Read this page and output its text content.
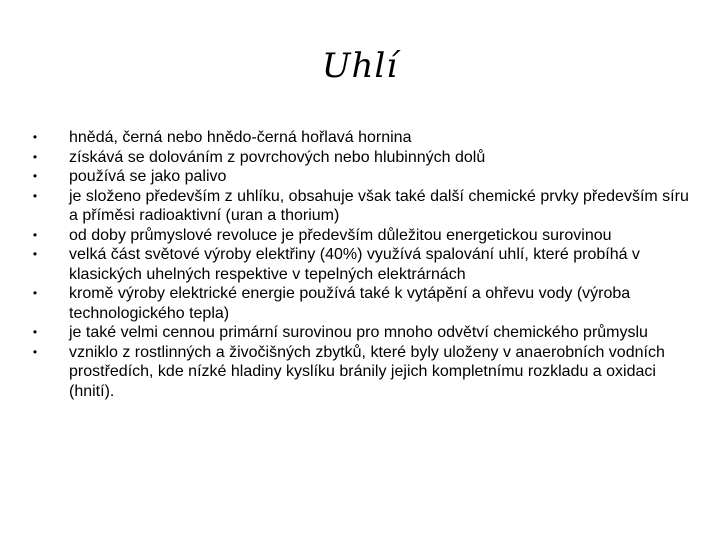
Uhlí
• hnědá, černá nebo hnědo-černá hořlavá hornina
• získává se dolováním z povrchových nebo hlubinných dolů
• používá se jako palivo
• je složeno především z uhlíku, obsahuje však také další chemické prvky především síru a příměsi radioaktivní (uran a thorium)
• od doby průmyslové revoluce je především důležitou energetickou surovinou
• velká část světové výroby elektřiny (40%) využívá spalování uhlí, které probíhá v klasických uhelných respektive v tepelných elektrárnách
• kromě výroby elektrické energie používá také k vytápění a ohřevu vody (výroba technologického tepla)
• je také velmi cennou primární surovinou pro mnoho odvětví chemického průmyslu
• vzniklo z rostlinných a živočišných zbytků, které byly uloženy v anaerobních vodních prostředích, kde nízké hladiny kyslíku bránily jejich kompletnímu rozkladu a oxidaci (hnití).
